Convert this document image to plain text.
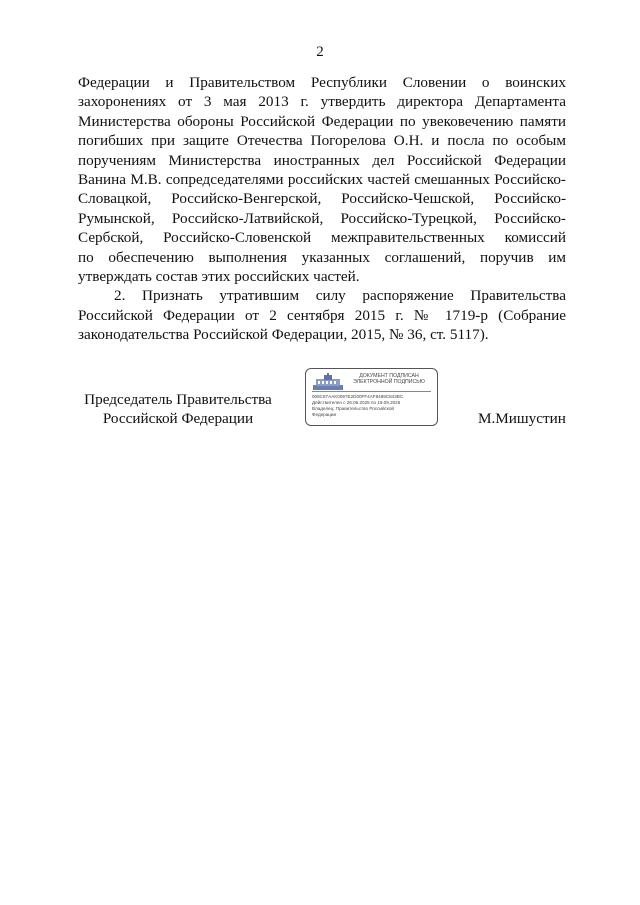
2
Федерации и Правительством Республики Словении о воинских
захоронениях от 3 мая 2013 г. утвердить директора Департамента
Министерства обороны Российской Федерации по увековечению памяти
погибших при защите Отечества Погорелова О.Н. и посла по особым
поручениям Министерства иностранных дел Российской Федерации
Ванина М.В. сопредседателями российских частей смешанных Российско-
Словацкой, Российско-Венгерской, Российско-Чешской, Российско-
Румынской, Российско-Латвийской, Российско-Турецкой, Российско-
Сербской, Российско-Словенской межправительственных комиссий
по обеспечению выполнения указанных соглашений, поручив им
утверждать состав этих российских частей.
2. Признать утратившим силу распоряжение Правительства
Российской Федерации от 2 сентября 2015 г. № 1719-р (Собрание
законодательства Российской Федерации, 2015, № 36, ст. 5117).
Председатель Правительства
Российской Федерации
ДОКУМЕНТ ПОДПИСАН
ЭЛЕКТРОННОЙ ПОДПИСЬЮ
008C87AAK0097E2D00FF4AF8489C843BC
Действителен с 26.06.2025 по 19.09.2026
Владелец: Правительство Российской
Федерации	М.Мишустин
